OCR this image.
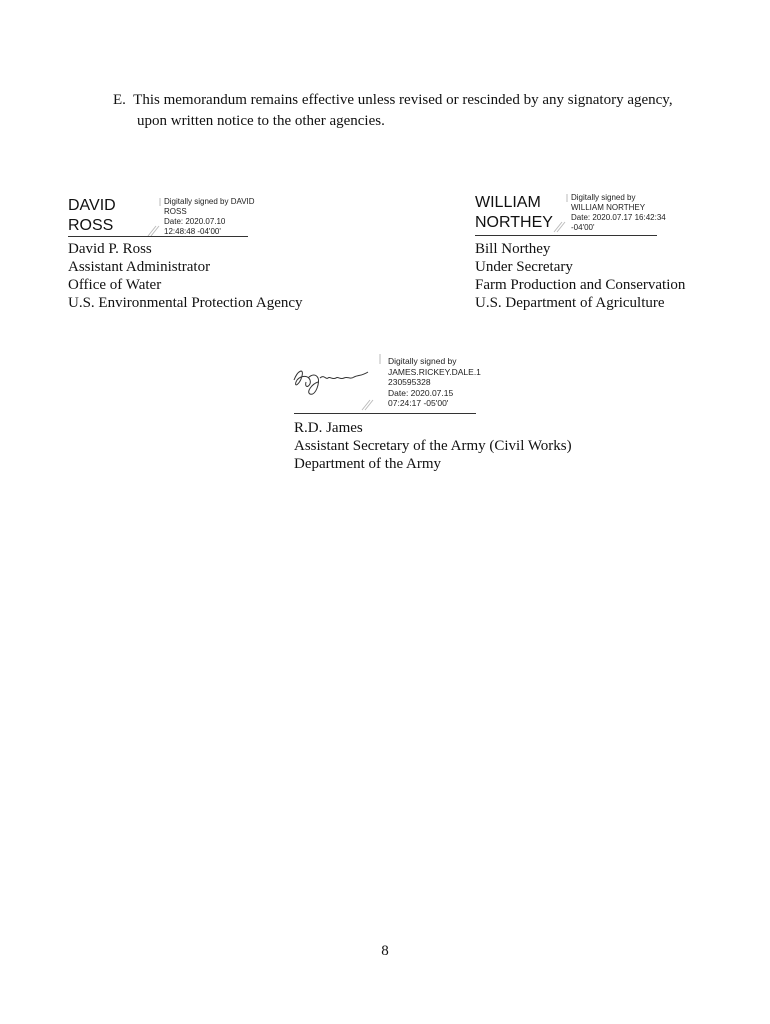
E. This memorandum remains effective unless revised or rescinded by any signatory agency,
upon written notice to the other agencies.
DAVID
ROSS
Digitally signed by DAVID
ROSS
Date: 2020.07.10
12:48:48 -04'00'
David P. Ross
Assistant Administrator
Office of Water
U.S. Environmental Protection Agency
WILLIAM
NORTHEY
Digitally signed by
WILLIAM NORTHEY
Date: 2020.07.17 16:42:34
-04'00'
Bill Northey
Under Secretary
Farm Production and Conservation
U.S. Department of Agriculture
Digitally signed by
JAMES.RICKEY.DALE.1
230595328
Date: 2020.07.15
07:24:17 -05'00'
R.D. James
Assistant Secretary of the Army (Civil Works)
Department of the Army
8
